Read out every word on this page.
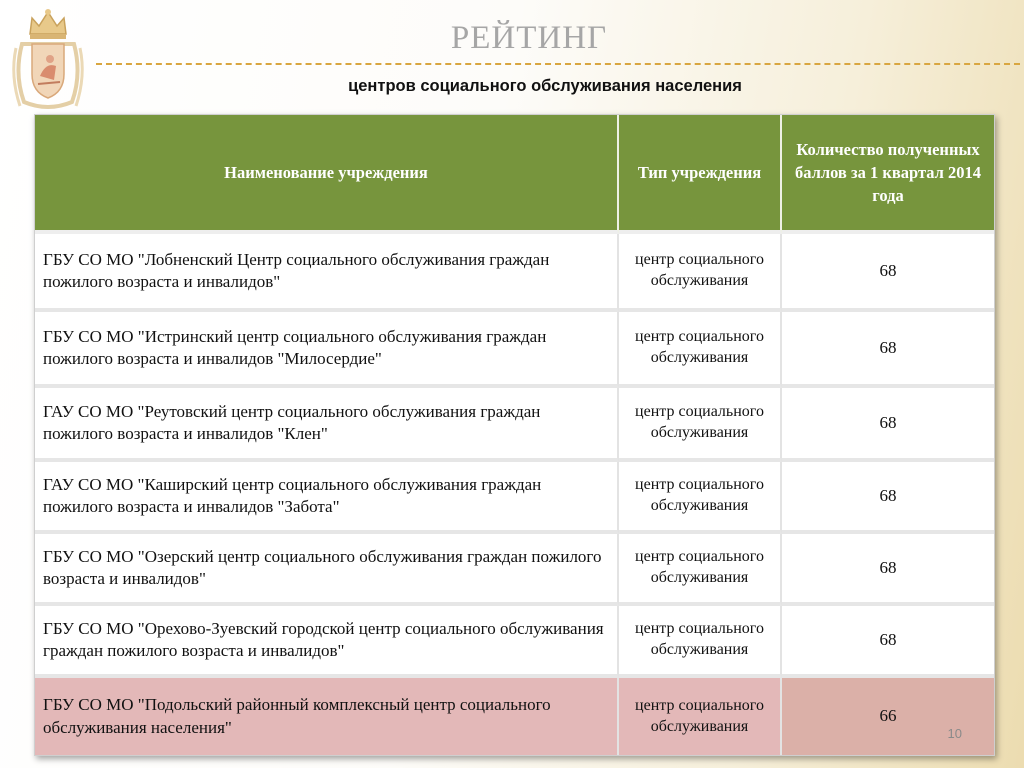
РЕЙТИНГ
центров социального обслуживания населения
Наименование учреждения	Тип учреждения	Количество полученных баллов за 1 квартал 2014 года
ГБУ СО МО "Лобненский Центр социального обслуживания граждан пожилого возраста и инвалидов"	центр социального обслуживания	68
ГБУ СО МО "Истринский центр социального обслуживания граждан пожилого возраста и инвалидов "Милосердие"	центр социального обслуживания	68
ГАУ СО МО "Реутовский центр социального обслуживания граждан пожилого возраста и инвалидов "Клен"	центр социального обслуживания	68
ГАУ СО МО "Каширский центр социального обслуживания граждан пожилого возраста и инвалидов "Забота"	центр социального обслуживания	68
ГБУ СО МО "Озерский центр социального обслуживания граждан пожилого возраста и инвалидов"	центр социального обслуживания	68
ГБУ СО МО "Орехово-Зуевский городской центр социального обслуживания граждан пожилого возраста и инвалидов"	центр социального обслуживания	68
ГБУ СО МО "Подольский районный комплексный центр социального обслуживания населения"	центр социального обслуживания	66
10
